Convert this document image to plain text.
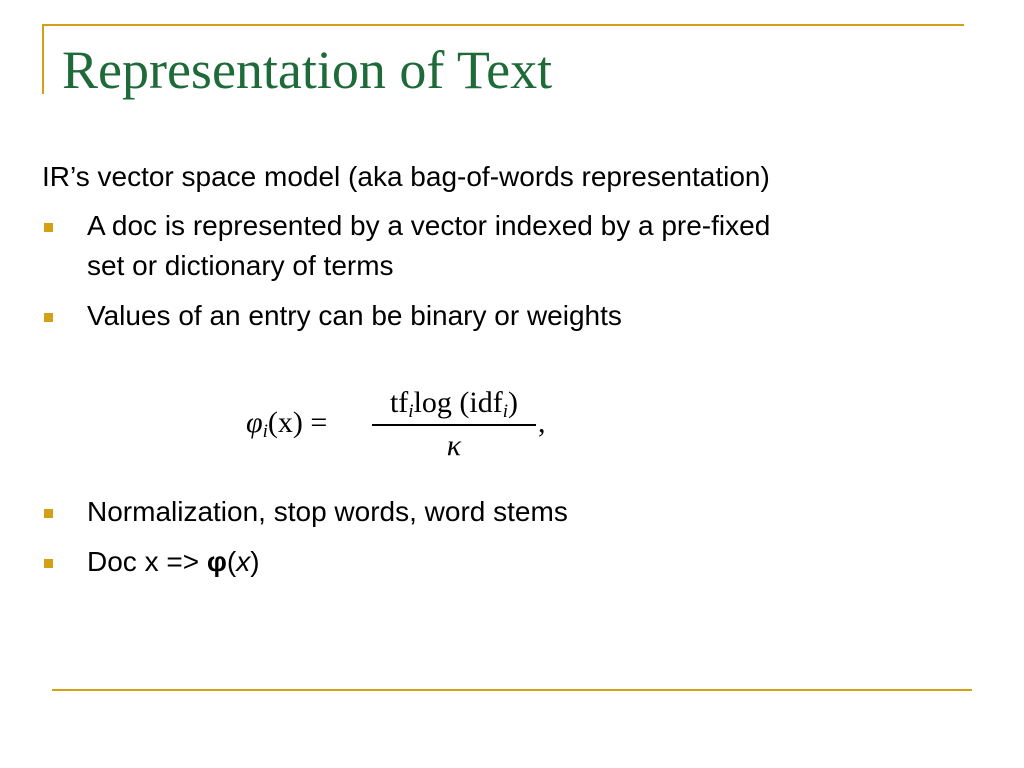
Representation of Text
IR’s vector space model (aka bag-of-words representation)
A doc is represented by a vector indexed by a pre-fixed
set or dictionary of terms
Values of an entry can be binary or weights
$\varphi_i(x)$ =
$tf_i\log$ (idf$_i$)
κ
,
Normalization, stop words, word stems
Doc x => φ(x)
